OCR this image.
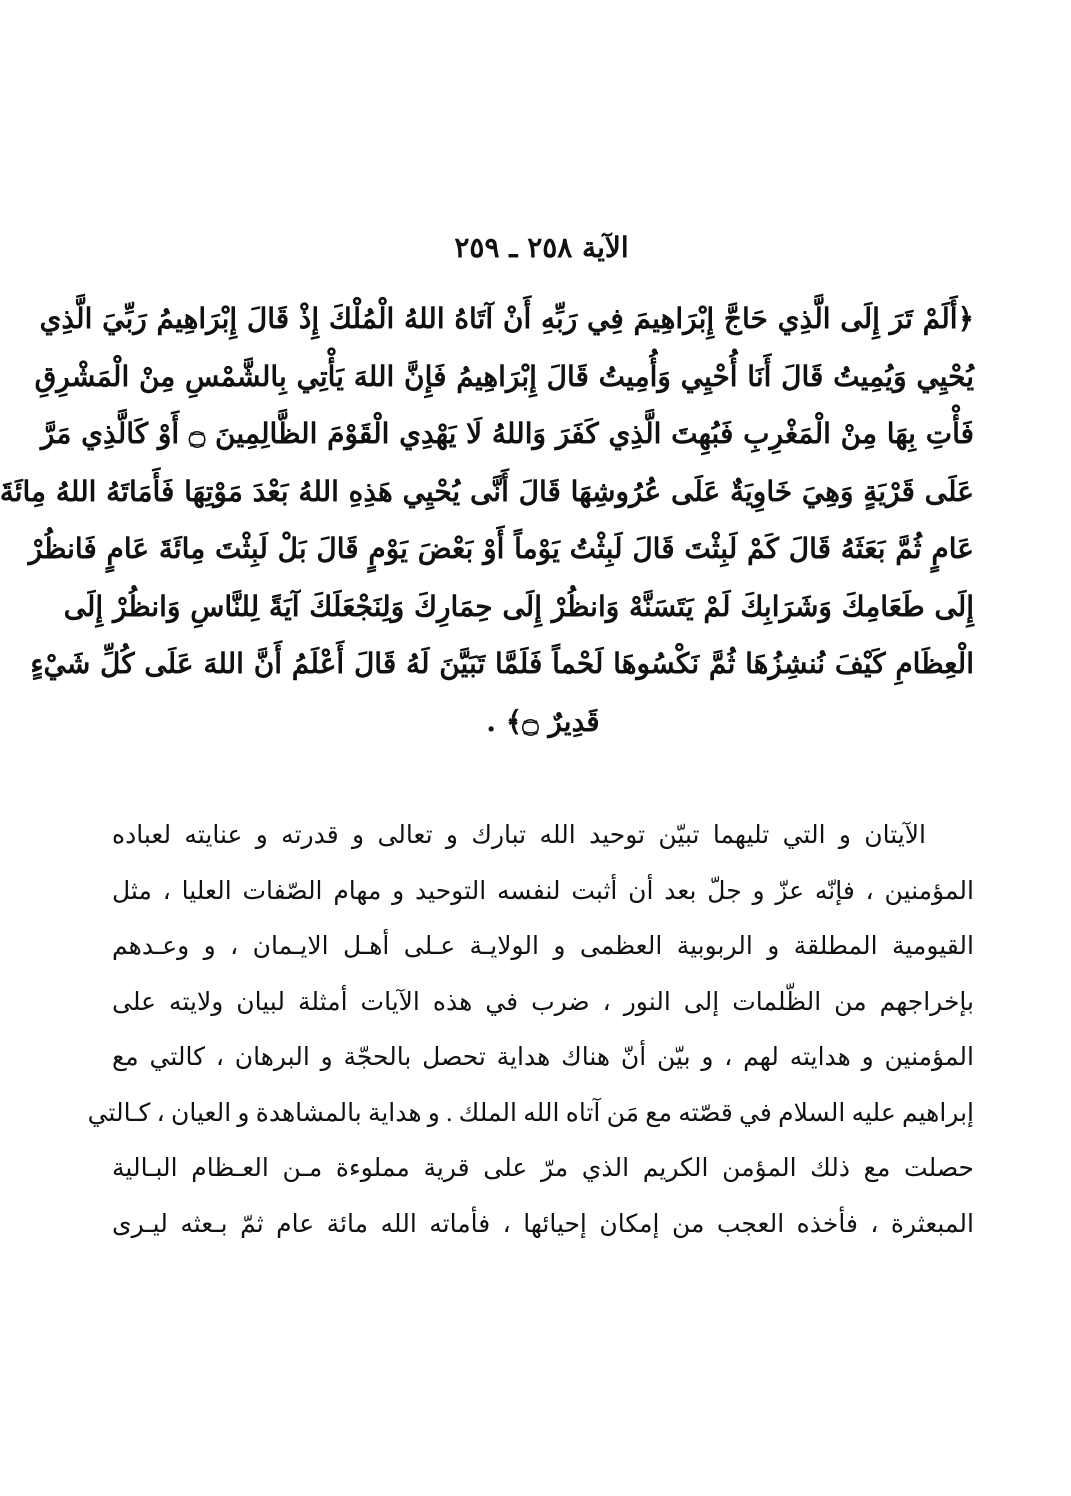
الآية ٢٥٨ ـ ٢٥٩
﴿أَلَمْ تَرَ إِلَى الَّذِي حَاجَّ إِبْرَاهِيمَ فِي رَبِّهِ أَنْ آتَاهُ اللهُ الْمُلْكَ إِذْ قَالَ إِبْرَاهِيمُ رَبِّيَ الَّذِي
يُحْيِي وَيُمِيتُ قَالَ أَنَا أُحْيِي وَأُمِيتُ قَالَ إِبْرَاهِيمُ فَإِنَّ اللهَ يَأْتِي بِالشَّمْسِ مِنْ الْمَشْرِقِ
فَأْتِ بِهَا مِنْ الْمَغْرِبِ فَبُهِتَ الَّذِي كَفَرَ وَاللهُ لَا يَهْدِي الْقَوْمَ الظَّالِمِينَ ۝ أَوْ كَالَّذِي مَرَّ
عَلَى قَرْيَةٍ وَهِيَ خَاوِيَةٌ عَلَى عُرُوشِهَا قَالَ أَنَّى يُحْيِي هَذِهِ اللهُ بَعْدَ مَوْتِهَا فَأَمَاتَهُ اللهُ مِائَةَ
عَامٍ ثُمَّ بَعَثَهُ قَالَ كَمْ لَبِثْتَ قَالَ لَبِثْتُ يَوْماً أَوْ بَعْضَ يَوْمٍ قَالَ بَلْ لَبِثْتَ مِائَةَ عَامٍ فَانظُرْ
إِلَى طَعَامِكَ وَشَرَابِكَ لَمْ يَتَسَنَّهْ وَانظُرْ إِلَى حِمَارِكَ وَلِنَجْعَلَكَ آيَةً لِلنَّاسِ وَانظُرْ إِلَى
الْعِظَامِ كَيْفَ نُنشِزُهَا ثُمَّ نَكْسُوهَا لَحْماً فَلَمَّا تَبَيَّنَ لَهُ قَالَ أَعْلَمُ أَنَّ اللهَ عَلَى كُلِّ شَيْءٍ
قَدِيرٌ ۝﴾ .
الآيتان و التي تليهما تبيّن توحيد الله تبارك و تعالى و قدرته و عنايته لعباده
المؤمنين ، فإنّه عزّ و جلّ بعد أن أثبت لنفسه التوحيد و مهام الصّفات العليا ، مثل
القيومية المطلقة و الربوبية العظمى و الولايـة عـلى أهـل الايـمان ، و وعـدهم
بإخراجهم من الظّلمات إلى النور ، ضرب في هذه الآيات أمثلة لبيان ولايته على
المؤمنين و هدايته لهم ، و بيّن أنّ هناك هداية تحصل بالحجّة و البرهان ، كالتي مع
إبراهيم عليه السلام في قصّته مع مَن آتاه الله الملك . و هداية بالمشاهدة و العيان ، كـالتي
حصلت مع ذلك المؤمن الكريم الذي مرّ على قرية مملوءة مـن العـظام البـالية
المبعثرة ، فأخذه العجب من إمكان إحيائها ، فأماته الله مائة عام ثمّ بـعثه ليـرى
